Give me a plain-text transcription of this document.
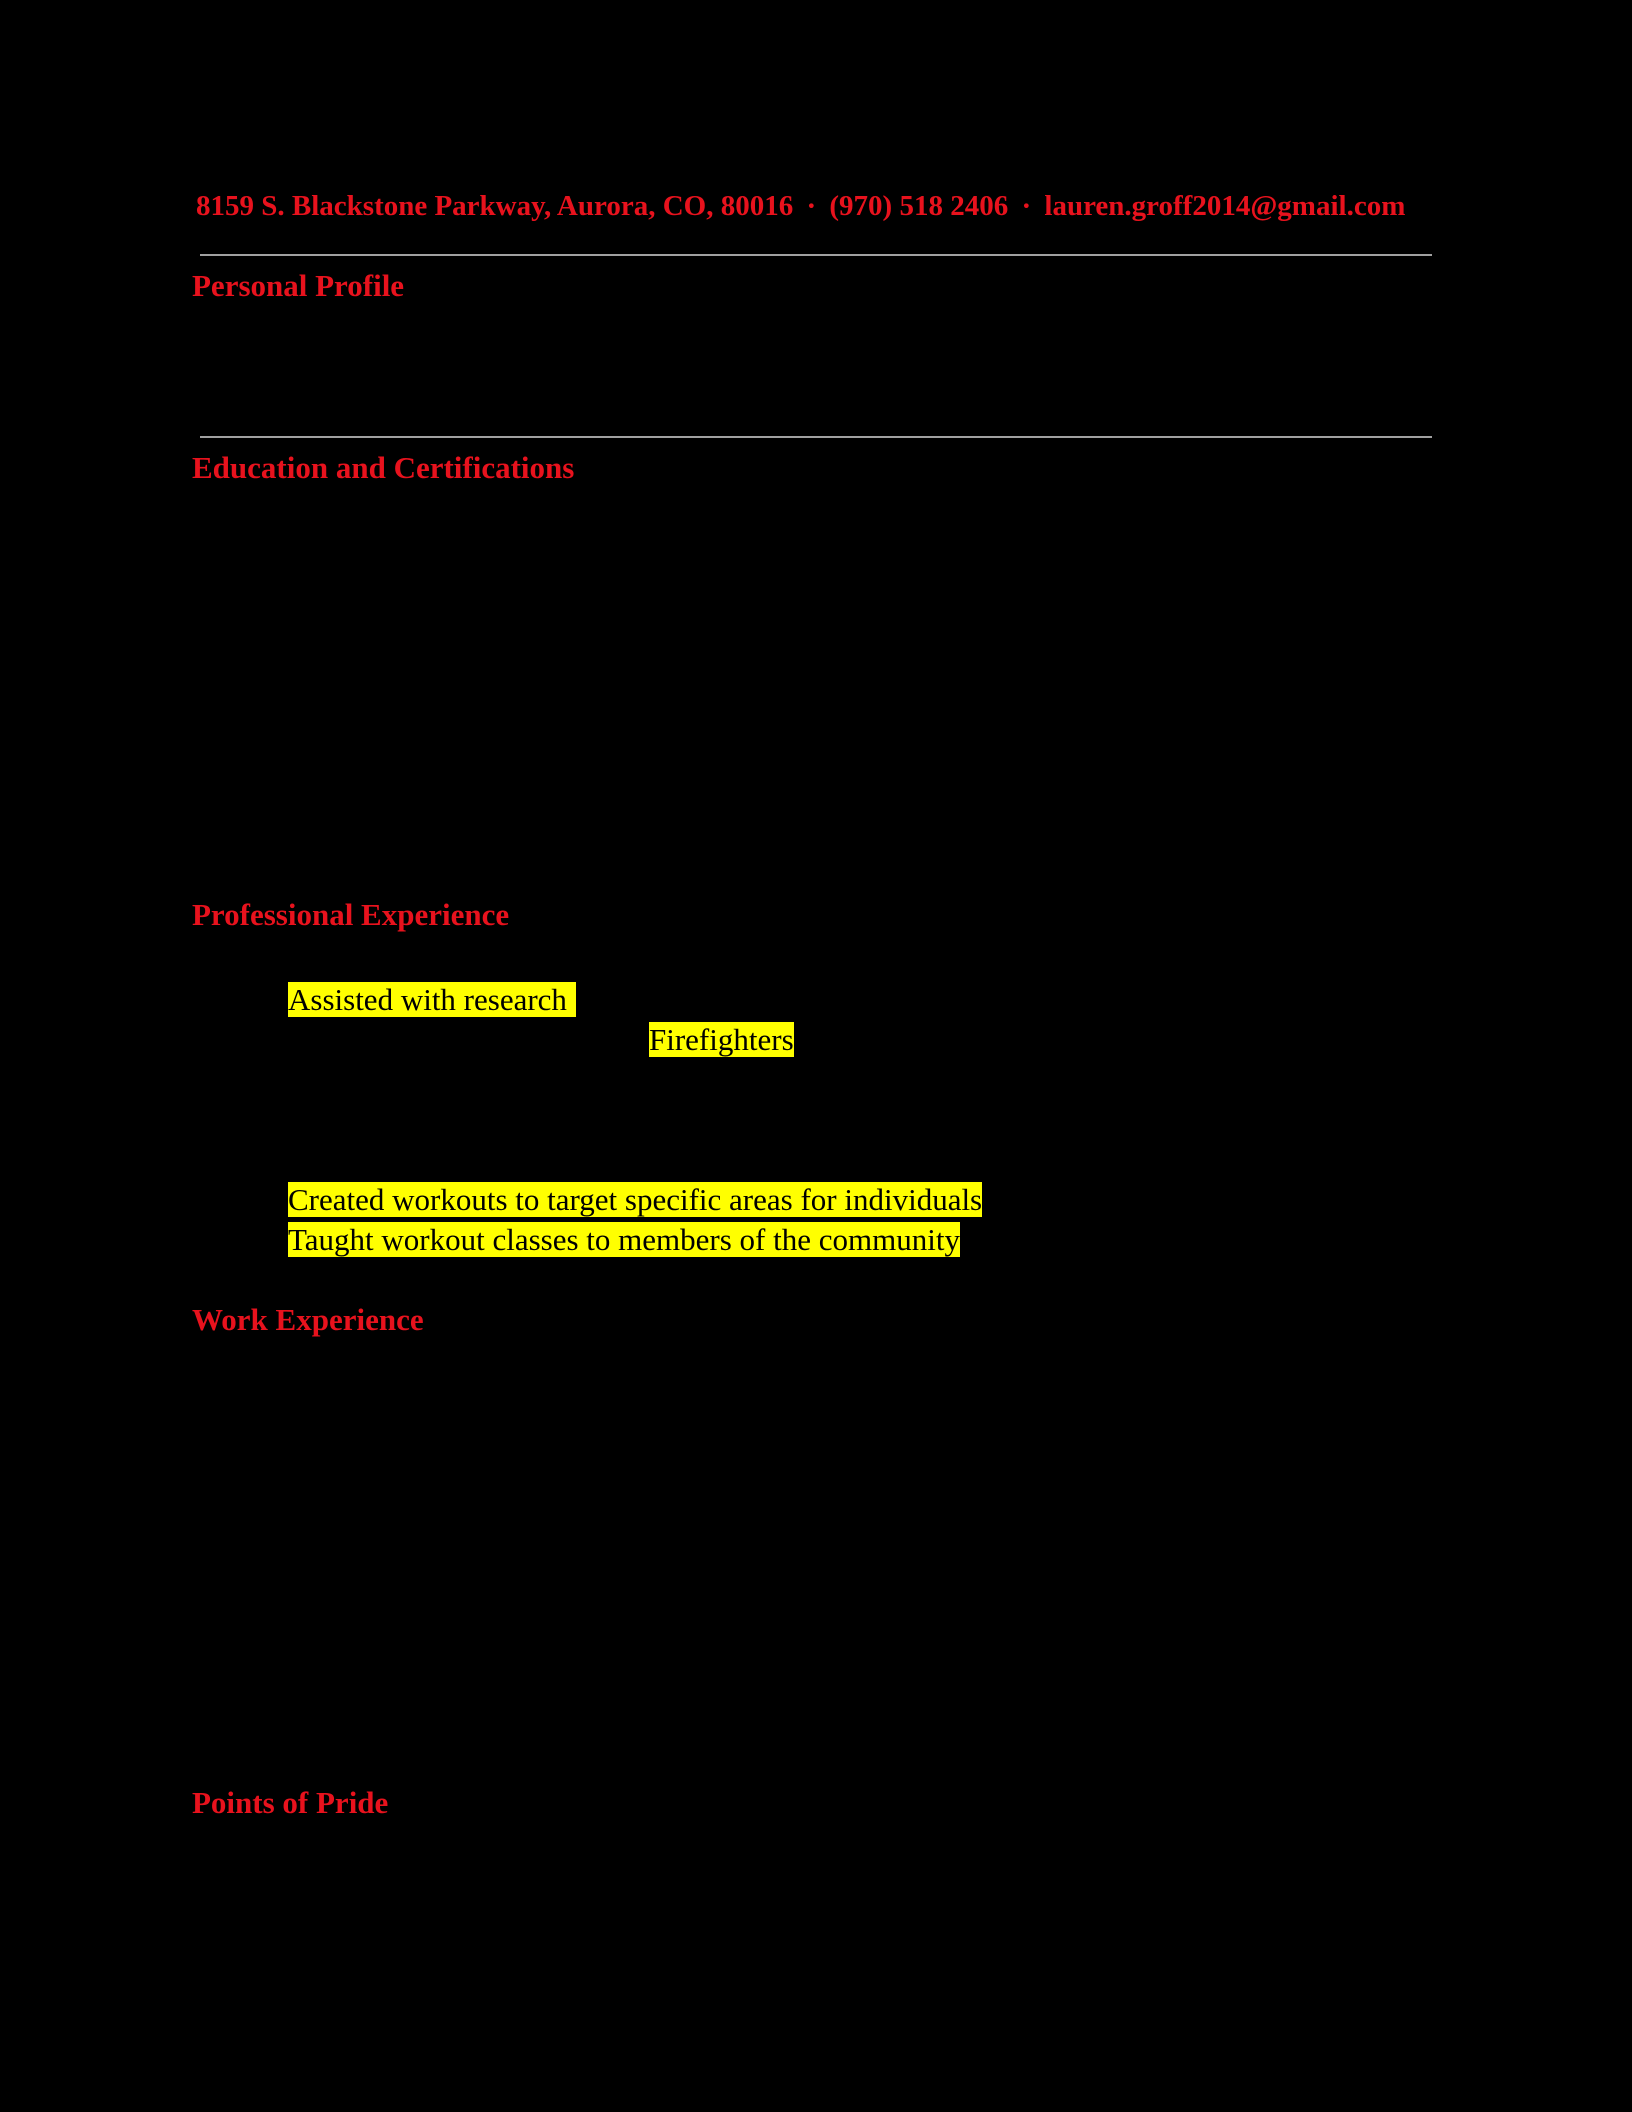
8159 S. Blackstone Parkway, Aurora, CO, 80016 · (970) 518 2406 · lauren.groff2014@gmail.com
Personal Profile
Education and Certifications
Professional Experience
Assisted with research
Firefighters
Created workouts to target specific areas for individuals
Taught workout classes to members of the community
Work Experience
Points of Pride
